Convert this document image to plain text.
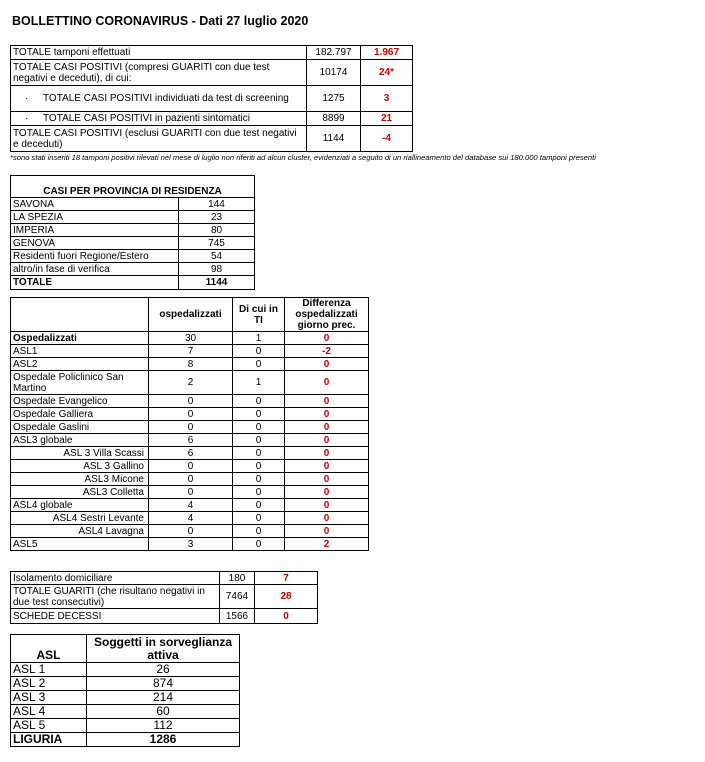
BOLLETTINO CORONAVIRUS - Dati 27 luglio 2020
TOTALE tamponi effettuati	182.797	1.967
TOTALE CASI POSITIVI (compresi GUARITI con due test negativi e deceduti), di cui:	10174	24*
· TOTALE CASI POSITIVI individuati da test di screening	1275	3
· TOTALE CASI POSITIVI in pazienti sintomatici	8899	21
TOTALE CASI POSITIVI (esclusi GUARITI con due test negativi e deceduti)	1144	-4
*sono stati inseriti 18 tamponi positivi rilevati nel mese di luglio non riferiti ad alcun cluster, evidenziati a seguito di un riallineamento del database sui 180.000 tamponi presenti
CASI PER PROVINCIA DI RESIDENZA	
SAVONA	144
LA SPEZIA	23
IMPERIA	80
GENOVA	745
Residenti fuori Regione/Estero	54
altro/in fase di verifica	98
TOTALE	1144
	ospedalizzati	Di cui in TI	Differenza ospedalizzati giorno prec.
Ospedalizzati	30	1	0
ASL1	7	0	-2
ASL2	8	0	0
Ospedale Policlinico San Martino	2	1	0
Ospedale Evangelico	0	0	0
Ospedale Galliera	0	0	0
Ospedale Gaslini	0	0	0
ASL3 globale	6	0	0
ASL 3 Villa Scassi	6	0	0
ASL 3 Gallino	0	0	0
ASL3 Micone	0	0	0
ASL3 Colletta	0	0	0
ASL4 globale	4	0	0
ASL4 Sestri Levante	4	0	0
ASL4 Lavagna	0	0	0
ASL5	3	0	2
Isolamento domiciliare	180	7
TOTALE GUARITI (che risultano negativi in due test consecutivi)	7464	28
SCHEDE DECESSI	1566	0
ASL	Soggetti in sorveglianza attiva
ASL 1	26
ASL 2	874
ASL 3	214
ASL 4	60
ASL 5	112
LIGURIA	1286
